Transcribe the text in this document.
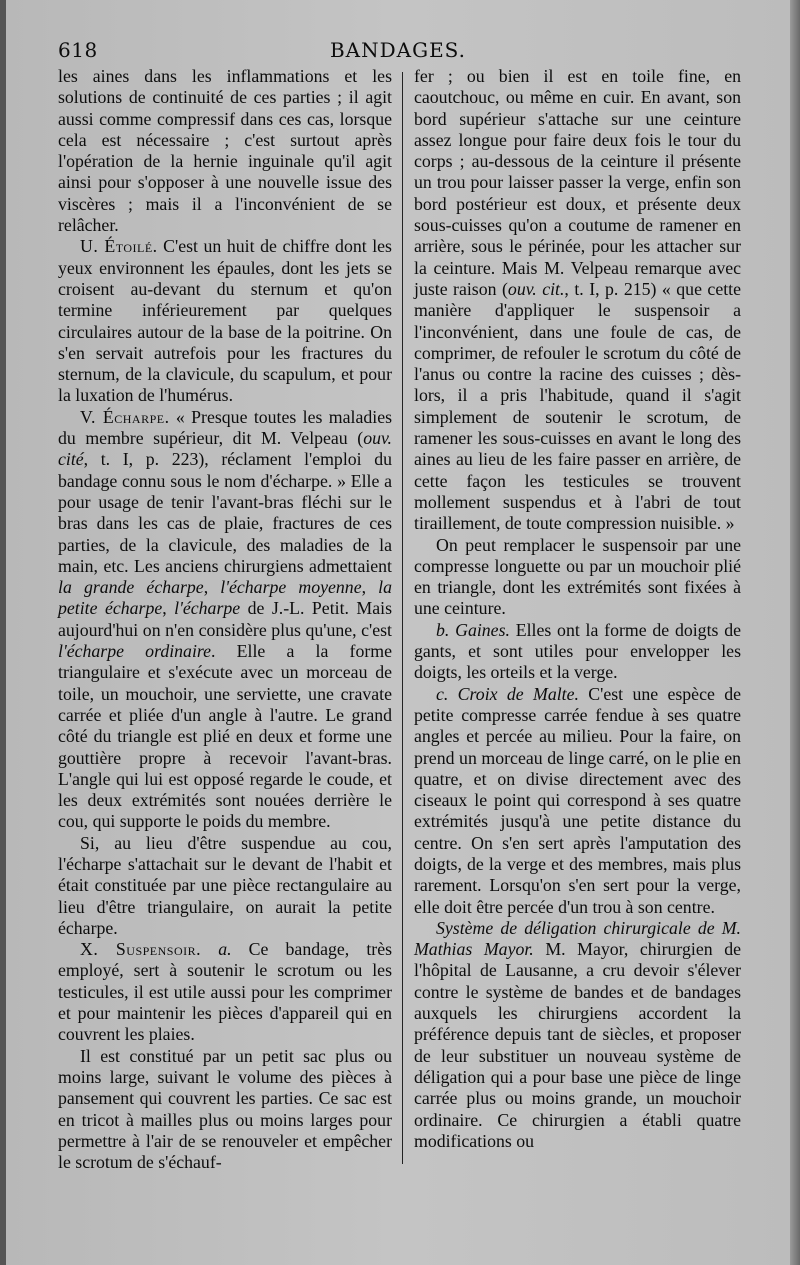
618	BANDAGES.

les aines dans les inflammations et les solutions de continuité de ces parties ; il agit aussi comme compressif dans ces cas, lorsque cela est nécessaire ; c'est surtout après l'opération de la hernie inguinale qu'il agit ainsi pour s'opposer à une nouvelle issue des viscères ; mais il a l'inconvénient de se relâcher.

U. Étoilé. C'est un huit de chiffre dont les yeux environnent les épaules, dont les jets se croisent au-devant du sternum et qu'on termine inférieurement par quelques circulaires autour de la base de la poitrine. On s'en servait autrefois pour les fractures du sternum, de la clavicule, du scapulum, et pour la luxation de l'humérus.

V. Écharpe. « Presque toutes les maladies du membre supérieur, dit M. Velpeau (ouv. cité, t. I, p. 223), réclament l'emploi du bandage connu sous le nom d'écharpe. » Elle a pour usage de tenir l'avant-bras fléchi sur le bras dans les cas de plaie, fractures de ces parties, de la clavicule, des maladies de la main, etc. Les anciens chirurgiens admettaient la grande écharpe, l'écharpe moyenne, la petite écharpe, l'écharpe de J.-L. Petit. Mais aujourd'hui on n'en considère plus qu'une, c'est l'écharpe ordinaire. Elle a la forme triangulaire et s'exécute avec un morceau de toile, un mouchoir, une serviette, une cravate carrée et pliée d'un angle à l'autre. Le grand côté du triangle est plié en deux et forme une gouttière propre à recevoir l'avant-bras. L'angle qui lui est opposé regarde le coude, et les deux extrémités sont nouées derrière le cou, qui supporte le poids du membre.

Si, au lieu d'être suspendue au cou, l'écharpe s'attachait sur le devant de l'habit et était constituée par une pièce rectangulaire au lieu d'être triangulaire, on aurait la petite écharpe.

X. Suspensoir. a. Ce bandage, très employé, sert à soutenir le scrotum ou les testicules, il est utile aussi pour les comprimer et pour maintenir les pièces d'appareil qui en couvrent les plaies.

Il est constitué par un petit sac plus ou moins large, suivant le volume des pièces à pansement qui couvrent les parties. Ce sac est en tricot à mailles plus ou moins larges pour permettre à l'air de se renouveler et empêcher le scrotum de s'échauf-

fer ; ou bien il est en toile fine, en caoutchouc, ou même en cuir. En avant, son bord supérieur s'attache sur une ceinture assez longue pour faire deux fois le tour du corps ; au-dessous de la ceinture il présente un trou pour laisser passer la verge, enfin son bord postérieur est doux, et présente deux sous-cuisses qu'on a coutume de ramener en arrière, sous le périnée, pour les attacher sur la ceinture. Mais M. Velpeau remarque avec juste raison (ouv. cit., t. I, p. 215) « que cette manière d'appliquer le suspensoir a l'inconvénient, dans une foule de cas, de comprimer, de refouler le scrotum du côté de l'anus ou contre la racine des cuisses ; dès-lors, il a pris l'habitude, quand il s'agit simplement de soutenir le scrotum, de ramener les sous-cuisses en avant le long des aines au lieu de les faire passer en arrière, de cette façon les testicules se trouvent mollement suspendus et à l'abri de tout tiraillement, de toute compression nuisible. »

On peut remplacer le suspensoir par une compresse longuette ou par un mouchoir plié en triangle, dont les extrémités sont fixées à une ceinture.

b. Gaines. Elles ont la forme de doigts de gants, et sont utiles pour envelopper les doigts, les orteils et la verge.

c. Croix de Malte. C'est une espèce de petite compresse carrée fendue à ses quatre angles et percée au milieu. Pour la faire, on prend un morceau de linge carré, on le plie en quatre, et on divise directement avec des ciseaux le point qui correspond à ses quatre extrémités jusqu'à une petite distance du centre. On s'en sert après l'amputation des doigts, de la verge et des membres, mais plus rarement. Lorsqu'on s'en sert pour la verge, elle doit être percée d'un trou à son centre.

Système de déligation chirurgicale de M. Mathias Mayor. M. Mayor, chirurgien de l'hôpital de Lausanne, a cru devoir s'élever contre le système de bandes et de bandages auxquels les chirurgiens accordent la préférence depuis tant de siècles, et proposer de leur substituer un nouveau système de déligation qui a pour base une pièce de linge carrée plus ou moins grande, un mouchoir ordinaire. Ce chirurgien a établi quatre modifications ou
